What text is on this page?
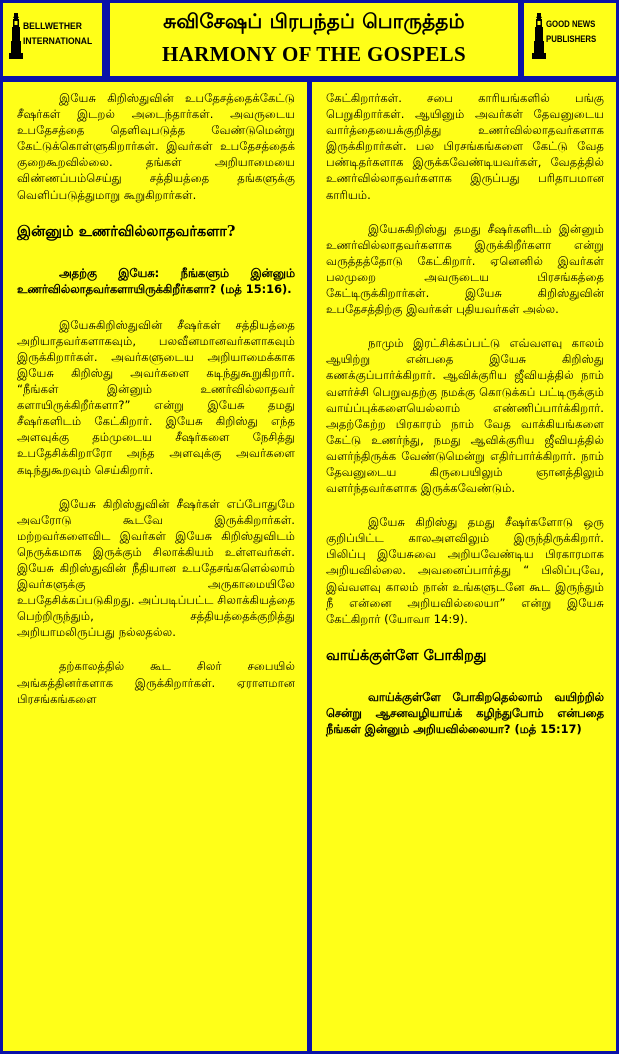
BELLWETHER
INTERNATIONAL
சுவிசேஷப் பிரபந்தப் பொருத்தம்
HARMONY OF THE GOSPELS
GOOD NEWS
PUBLISHERS

இயேசு கிறிஸ்துவின் உபதேசத்தைக்கேட்டு சீஷர்கள் இடறல் அடைந்தார்கள். அவருடைய உபதேசத்தை தெளிவுபடுத்த வேண்டுமென்று கேட்டுக்கொள்ளுகிறார்கள். இவர்கள் உபதேசத்தைக் குறைகூறவில்லை. தங்கள் அறியாமையை விண்ணப்பம்செய்து சத்தியத்தை தங்களுக்கு வெளிப்படுத்துமாறு கூறுகிறார்கள்.

இன்னும் உணர்வில்லாதவர்களா?

அதற்கு இயேசு: நீங்களும் இன்னும் உணர்வில்லாதவர்களாயிருக்கிறீர்களா? (மத் 15:16).

இயேசுகிறிஸ்துவின் சீஷர்கள் சத்தியத்தை அறியாதவர்களாகவும், பலவீனமானவர்களாகவும் இருக்கிறார்கள். அவர்களுடைய அறியாமைக்காக இயேசு கிறிஸ்து அவர்களை கடிந்துகூறுகிறார். “நீங்கள் இன்னும் உணர்வில்லாதவர் களாயிருக்கிறீர்களா?” என்று இயேசு தமது சீஷர்களிடம் கேட்கிறார். இயேசு கிறிஸ்து எந்த அளவுக்கு தம்முடைய சீஷர்களை நேசித்து உபதேசிக்கிறாரோ அந்த அளவுக்கு அவர்களை கடிந்துகூறவும் செய்கிறார்.

இயேசு கிறிஸ்துவின் சீஷர்கள் எப்போதுமே அவரோடு கூடவே இருக்கிறார்கள். மற்றவர்களைவிட இவர்கள் இயேசு கிறிஸ்துவிடம் நெருக்கமாக இருக்கும் சிலாக்கியம் உள்ளவர்கள். இயேசு கிறிஸ்துவின் நீதியான உபதேசங்களெல்லாம் இவர்களுக்கு அருகாமையிலே உபதேசிக்கப்படுகிறது. அப்படிப்பட்ட சிலாக்கியத்தை பெற்றிருந்தும், சத்தியத்தைக்குறித்து அறியாமலிருப்பது நல்லதல்ல.

தற்காலத்தில் கூட சிலர் சபையில் அங்கத்தினர்களாக இருக்கிறார்கள். ஏராளமான பிரசங்கங்களை

கேட்கிறார்கள். சபை காரியங்களில் பங்கு பெறுகிறார்கள். ஆயினும் அவர்கள் தேவனுடைய வார்த்தையைக்குறித்து உணர்வில்லாதவர்களாக இருக்கிறார்கள். பல பிரசங்கங்களை கேட்டு வேத பண்டிதர்களாக இருக்கவேண்டியவர்கள், வேதத்தில் உணர்வில்லாதவர்களாக இருப்பது பரிதாபமான காரியம்.

இயேசுகிறிஸ்து தமது சீஷர்களிடம் இன்னும் உணர்வில்லாதவர்களாக இருக்கிறீர்களா என்று வருத்தத்தோடு கேட்கிறார். ஏனெனில் இவர்கள் பலமுறை அவருடைய பிரசங்கத்தை கேட்டிருக்கிறார்கள். இயேசு கிறிஸ்துவின் உபதேசத்திற்கு இவர்கள் புதியவர்கள் அல்ல.

நாமும் இரட்சிக்கப்பட்டு எவ்வளவு காலம் ஆயிற்று என்பதை இயேசு கிறிஸ்து கணக்குப்பார்க்கிறார். ஆவிக்குரிய ஜீவியத்தில் நாம் வளர்ச்சி பெறுவதற்கு நமக்கு கொடுக்கப் பட்டிருக்கும் வாய்ப்புக்களையெல்லாம் எண்ணிப்பார்க்கிறார். அதற்கேற்ற பிரகாரம் நாம் வேத வாக்கியங்களை கேட்டு உணர்ந்து, நமது ஆவிக்குரிய ஜீவியத்தில் வளர்ந்திருக்க வேண்டுமென்று எதிர்பார்க்கிறார். நாம் தேவனுடைய கிருபையிலும் ஞானத்திலும் வளர்ந்தவர்களாக இருக்கவேண்டும்.

இயேசு கிறிஸ்து தமது சீஷர்களோடு ஒரு குறிப்பிட்ட காலஅளவிலும் இருந்திருக்கிறார். பிலிப்பு இயேசுவை அறியவேண்டிய பிரகாரமாக அறியவில்லை. அவனைப்பார்த்து “ பிலிப்புவே, இவ்வளவு காலம் நான் உங்களுடனே கூட இருந்தும் நீ என்னை அறியவில்லையா” என்று இயேசு கேட்கிறார் (யோவா 14:9).

வாய்க்குள்ளே போகிறது

வாய்க்குள்ளே போகிறதெல்லாம் வயிற்றில் சென்று ஆசனவழியாய்க் கழிந்துபோம் என்பதை நீங்கள் இன்னும் அறியவில்லையா? (மத் 15:17)
